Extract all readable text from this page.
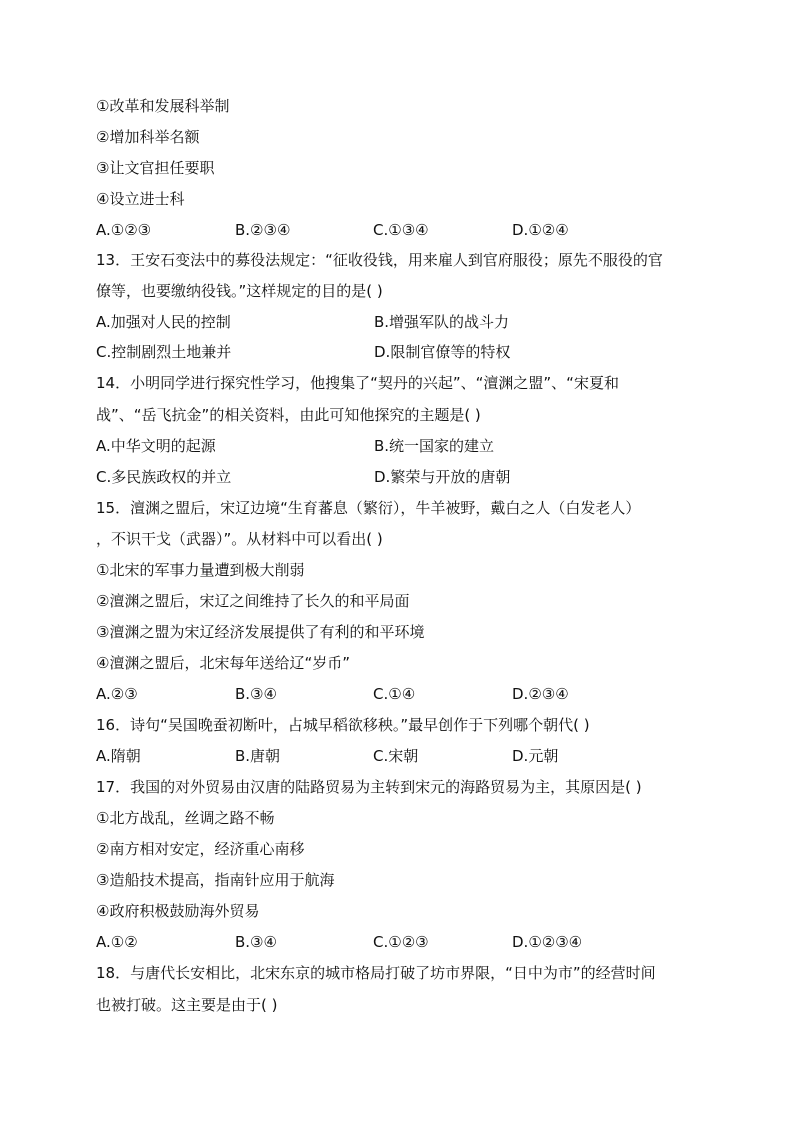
①改革和发展科举制
②增加科举名额
③让文官担任要职
④设立进士科
A.①②③	B.②③④	C.①③④	D.①②④
13．王安石变法中的募役法规定：“征收役钱，用来雇人到官府服役；原先不服役的官
僚等，也要缴纳役钱。”这样规定的目的是( )
A.加强对人民的控制	B.增强军队的战斗力
C.控制剧烈土地兼并	D.限制官僚等的特权
14．小明同学进行探究性学习，他搜集了“契丹的兴起”、“澶渊之盟”、“宋夏和
战”、“岳飞抗金”的相关资料，由此可知他探究的主题是( )
A.中华文明的起源	B.统一国家的建立
C.多民族政权的并立	D.繁荣与开放的唐朝
15．澶渊之盟后，宋辽边境“生育蕃息（繁衍），牛羊被野，戴白之人（白发老人）
，不识干戈（武器）”。从材料中可以看出( )
①北宋的军事力量遭到极大削弱
②澶渊之盟后，宋辽之间维持了长久的和平局面
③澶渊之盟为宋辽经济发展提供了有利的和平环境
④澶渊之盟后，北宋每年送给辽“岁币”
A.②③	B.③④	C.①④	D.②③④
16．诗句“吴国晚蚕初断叶，占城早稻欲移秧。”最早创作于下列哪个朝代( )
A.隋朝	B.唐朝	C.宋朝	D.元朝
17．我国的对外贸易由汉唐的陆路贸易为主转到宋元的海路贸易为主，其原因是( )
①北方战乱，丝调之路不畅
②南方相对安定，经济重心南移
③造船技术提高，指南针应用于航海
④政府积极鼓励海外贸易
A.①②	B.③④	C.①②③	D.①②③④
18．与唐代长安相比，北宋东京的城市格局打破了坊市界限，“日中为市”的经营时间
也被打破。这主要是由于( )
